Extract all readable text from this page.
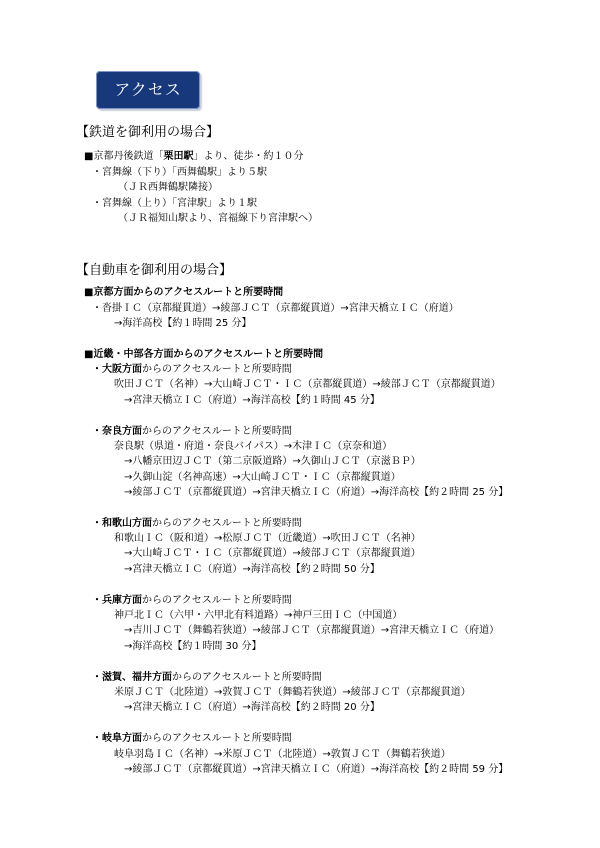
アクセス
【鉄道を御利用の場合】
■京都丹後鉄道「栗田駅」より、徒歩・約１０分
・宮舞線（下り）「西舞鶴駅」より５駅
（ＪＲ西舞鶴駅隣接）
・宮舞線（上り）「宮津駅」より１駅
（ＪＲ福知山駅より、宮福線下り宮津駅へ）
【自動車を御利用の場合】
■京都方面からのアクセスルートと所要時間
・沓掛ＩＣ（京都縦貫道）→綾部ＪＣＴ（京都縦貫道）→宮津天橋立ＩＣ（府道）
→海洋高校【約１時間 25 分】
■近畿・中部各方面からのアクセスルートと所要時間
・大阪方面からのアクセスルートと所要時間
吹田ＪＣＴ（名神）→大山崎ＪＣＴ・ＩＣ（京都縦貫道）→綾部ＪＣＴ（京都縦貫道）
→宮津天橋立ＩＣ（府道）→海洋高校【約１時間 45 分】
・奈良方面からのアクセスルートと所要時間
奈良駅（県道・府道・奈良バイパス）→木津ＩＣ（京奈和道）
→八幡京田辺ＪＣＴ（第二京阪道路）→久御山ＪＣＴ（京滋ＢＰ）
→久御山淀（名神高速）→大山崎ＪＣＴ・ＩＣ（京都縦貫道）
→綾部ＪＣＴ（京都縦貫道）→宮津天橋立ＩＣ（府道）→海洋高校【約２時間 25 分】
・和歌山方面からのアクセスルートと所要時間
和歌山ＩＣ（阪和道）→松原ＪＣＴ（近畿道）→吹田ＪＣＴ（名神）
→大山崎ＪＣＴ・ＩＣ（京都縦貫道）→綾部ＪＣＴ（京都縦貫道）
→宮津天橋立ＩＣ（府道）→海洋高校【約２時間 50 分】
・兵庫方面からのアクセスルートと所要時間
神戸北ＩＣ（六甲・六甲北有料道路）→神戸三田ＩＣ（中国道）
→吉川ＪＣＴ（舞鶴若狭道）→綾部ＪＣＴ（京都縦貫道）→宮津天橋立ＩＣ（府道）
→海洋高校【約１時間 30 分】
・滋賀、福井方面からのアクセスルートと所要時間
米原ＪＣＴ（北陸道）→敦賀ＪＣＴ（舞鶴若狭道）→綾部ＪＣＴ（京都縦貫道）
→宮津天橋立ＩＣ（府道）→海洋高校【約２時間 20 分】
・岐阜方面からのアクセスルートと所要時間
岐阜羽島ＩＣ（名神）→米原ＪＣＴ（北陸道）→敦賀ＪＣＴ（舞鶴若狭道）
→綾部ＪＣＴ（京都縦貫道）→宮津天橋立ＩＣ（府道）→海洋高校【約２時間 59 分】
